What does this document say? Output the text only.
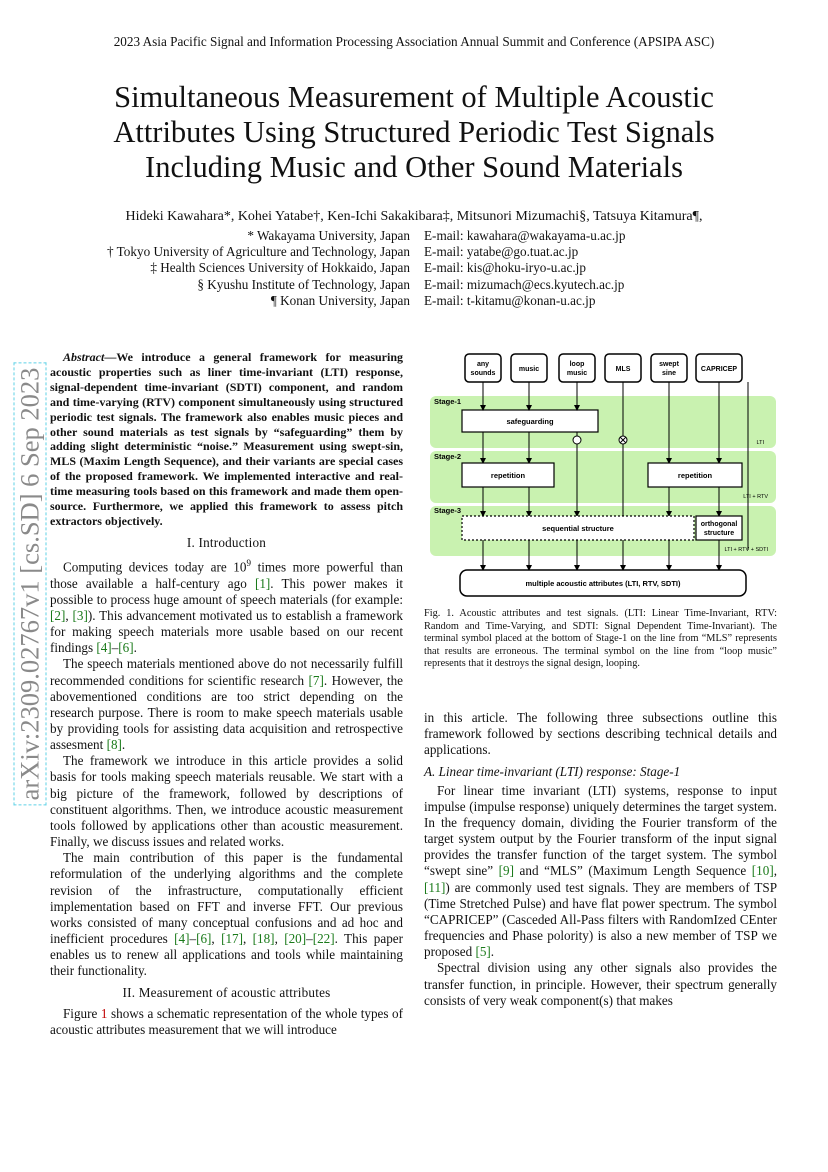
2023 Asia Pacific Signal and Information Processing Association Annual Summit and Conference (APSIPA ASC)
Simultaneous Measurement of Multiple Acoustic
Attributes Using Structured Periodic Test Signals
Including Music and Other Sound Materials
Hideki Kawahara*, Kohei Yatabe†, Ken-Ichi Sakakibara‡, Mitsunori Mizumachi§, Tatsuya Kitamura¶,
* Wakayama University, Japan E-mail: kawahara@wakayama-u.ac.jp
† Tokyo University of Agriculture and Technology, Japan E-mail: yatabe@go.tuat.ac.jp
‡ Health Sciences University of Hokkaido, Japan E-mail: kis@hoku-iryo-u.ac.jp
§ Kyushu Institute of Technology, Japan E-mail: mizumach@ecs.kyutech.ac.jp
¶ Konan University, Japan E-mail: t-kitamu@konan-u.ac.jp
arXiv:2309.02767v1 [cs.SD] 6 Sep 2023

Abstract—We introduce a general framework for measuring acoustic properties such as liner time-invariant (LTI) response, signal-dependent time-invariant (SDTI) component, and random and time-varying (RTV) component simultaneously using structured periodic test signals. The framework also enables music pieces and other sound materials as test signals by “safeguarding” them by adding slight deterministic “noise.” Measurement using swept-sin, MLS (Maxim Length Sequence), and their variants are special cases of the proposed framework. We implemented interactive and real-time measuring tools based on this framework and made them open-source. Furthermore, we applied this framework to assess pitch extractors objectively.

I. Introduction

Computing devices today are $10^9$ times more powerful than those available a half-century ago [1]. This power makes it possible to process huge amount of speech materials (for example: [2], [3]). This advancement motivated us to establish a framework for making speech materials more usable based on our recent findings [4]–[6].

The speech materials mentioned above do not necessarily fulfill recommended conditions for scientific research [7]. However, the abovementioned conditions are too strict depending on the research purpose. There is room to make speech materials usable by providing tools for assisting data acquisition and retrospective assesment [8].

The framework we introduce in this article provides a solid basis for tools making speech materials reusable. We start with a big picture of the framework, followed by descriptions of constituent algorithms. Then, we introduce acoustic measurement tools followed by applications other than acoustic measurement. Finally, we discuss issues and related works.

The main contribution of this paper is the fundamental reformulation of the underlying algorithms and the complete revision of the infrastructure, computationally efficient implementation based on FFT and inverse FFT. Our previous works consisted of many conceptual confusions and ad hoc and inefficient procedures [4]–[6], [17], [18], [20]–[22]. This paper enables us to renew all applications and tools while maintaining their functionality.

II. Measurement of acoustic attributes

Figure 1 shows a schematic representation of the whole types of acoustic attributes measurement that we will introduce

Stage-1
Stage-2
Stage-3
any
sounds
music
loop
music
MLS
swept
sine
CAPRICEP
safeguarding
LTI
repetition	repetition
LTI + RTV
sequential structure	orthogonal
structure
LTI + RTV + SDTI
multiple acoustic attributes (LTI, RTV, SDTI)
Fig. 1. Acoustic attributes and test signals. (LTI: Linear Time-Invariant, RTV: Random and Time-Varying, and SDTI: Signal Dependent Time-Invariant). The terminal symbol placed at the bottom of Stage-1 on the line from “MLS” represents that results are erroneous. The terminal symbol on the line from “loop music” represents that it destroys the signal design, looping.

in this article. The following three subsections outline this framework followed by sections describing technical details and applications.

A. Linear time-invariant (LTI) response: Stage-1

For linear time invariant (LTI) systems, response to input impulse (impulse response) uniquely determines the target system. In the frequency domain, dividing the Fourier transform of the target system output by the Fourier transform of the input signal provides the transfer function of the target system. The symbol “swept sine” [9] and “MLS” (Maximum Length Sequence [10], [11]) are commonly used test signals. They are members of TSP (Time Stretched Pulse) and have flat power spectrum. The symbol “CAPRICEP” (Casceded All-Pass filters with RandomIzed CEnter frequencies and Phase polority) is also a new member of TSP we proposed [5].

Spectral division using any other signals also provides the transfer function, in principle. However, their spectrum generally consists of very weak component(s) that makes
